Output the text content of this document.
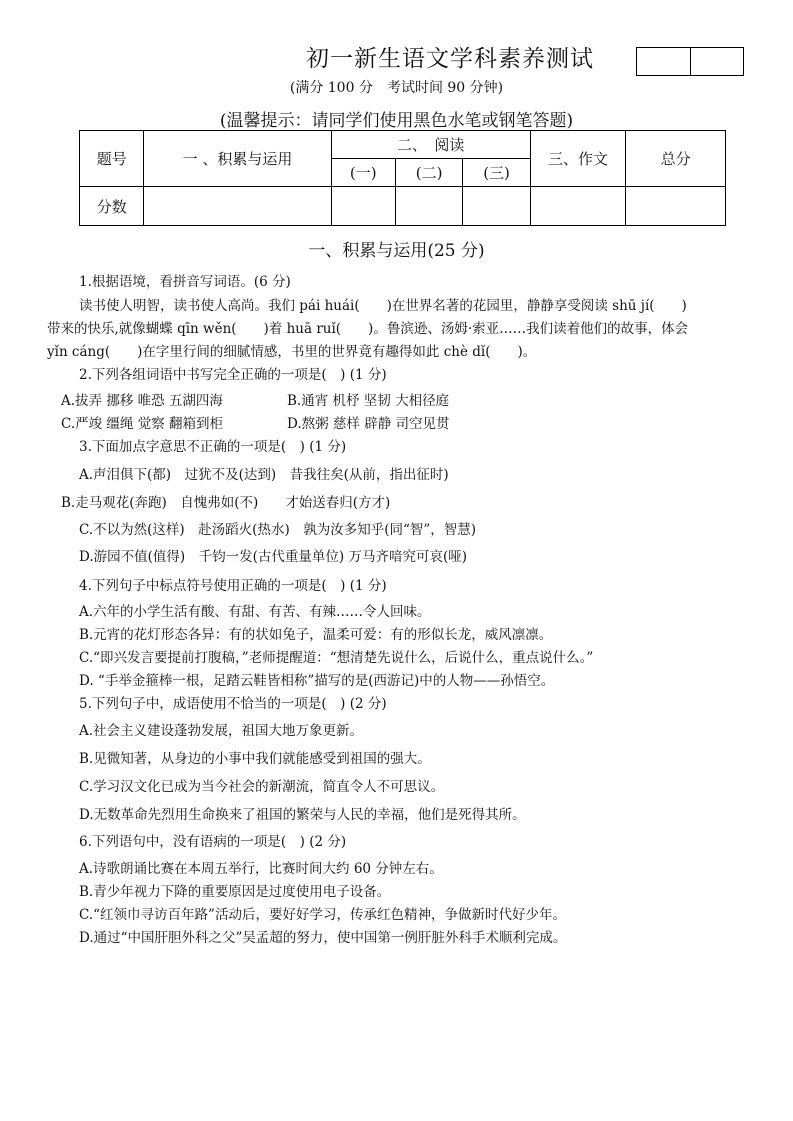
初一新生语文学科素养测试
(满分 100 分　考试时间 90 分钟)
(温馨提示：请同学们使用黑色水笔或钢笔答题)
题号	一 、积累与运用	二、　阅读			三、作文	总分
		(一)	(二)	(三)		
分数						
一、积累与运用(25 分)
1.根据语境，看拼音写词语。(6 分)
读书使人明智，读书使人高尚。我们 pái huái(　　)在世界名著的花园里，静静享受阅读 shū jí(　　)
带来的快乐,就像蝴蝶 qīn wěn(　　)着 huā ruǐ(　　)。鲁滨逊、汤姆·索亚……我们读着他们的故事，体会
yǐn cáng(　　)在字里行间的细腻情感，书里的世界竟有趣得如此 chè dǐ(　　)。
2.下列各组词语中书写完全正确的一项是(　) (1 分)
A.拔弄 挪移 唯恐 五湖四海	B.通宵 机杼 坚韧 大相径庭
C.严竣 缰绳 觉察 翻箱到柜	D.熬粥 慈样 辟静 司空见贯
3.下面加点字意思不正确的一项是(　) (1 分)
A.声泪俱下(都)　过犹不及(达到)　昔我往矣(从前，指出征时)
B.走马观花(奔跑)　自愧弗如(不)　　才始送春归(方才)
C.不以为然(这样)　赴汤蹈火(热水)　孰为汝多知乎(同“智”，智慧)
D.游园不值(值得)　千钧一发(古代重量单位) 万马齐喑究可哀(哑)
4.下列句子中标点符号使用正确的一项是(　) (1 分)
A.六年的小学生活有酸、有甜、有苦、有辣……令人回味。
B.元宵的花灯形态各异：有的状如兔子，温柔可爱：有的形似长龙，威风凛凛。
C.“即兴发言要提前打腹稿，”老师提醒道：“想清楚先说什么，后说什么，重点说什么。”
D. “手举金箍棒一根，足踏云鞋皆相称”描写的是(西游记)中的人物——孙悟空。
5.下列句子中，成语使用不恰当的一项是(　) (2 分)
A.社会主义建设蓬勃发展，祖国大地万象更新。
B.见微知著，从身边的小事中我们就能感受到祖国的强大。
C.学习汉文化已成为当今社会的新潮流，简直令人不可思议。
D.无数革命先烈用生命换来了祖国的繁荣与人民的幸福，他们是死得其所。
6.下列语句中，没有语病的一项是(　) (2 分)
A.诗歌朗诵比赛在本周五举行，比赛时间大约 60 分钟左右。
B.青少年视力下降的重要原因是过度使用电子设备。
C.“红领巾寻访百年路”活动后，要好好学习，传承红色精神，争做新时代好少年。
D.通过“中国肝胆外科之父”吴孟超的努力，使中国第一例肝脏外科手术顺利完成。
